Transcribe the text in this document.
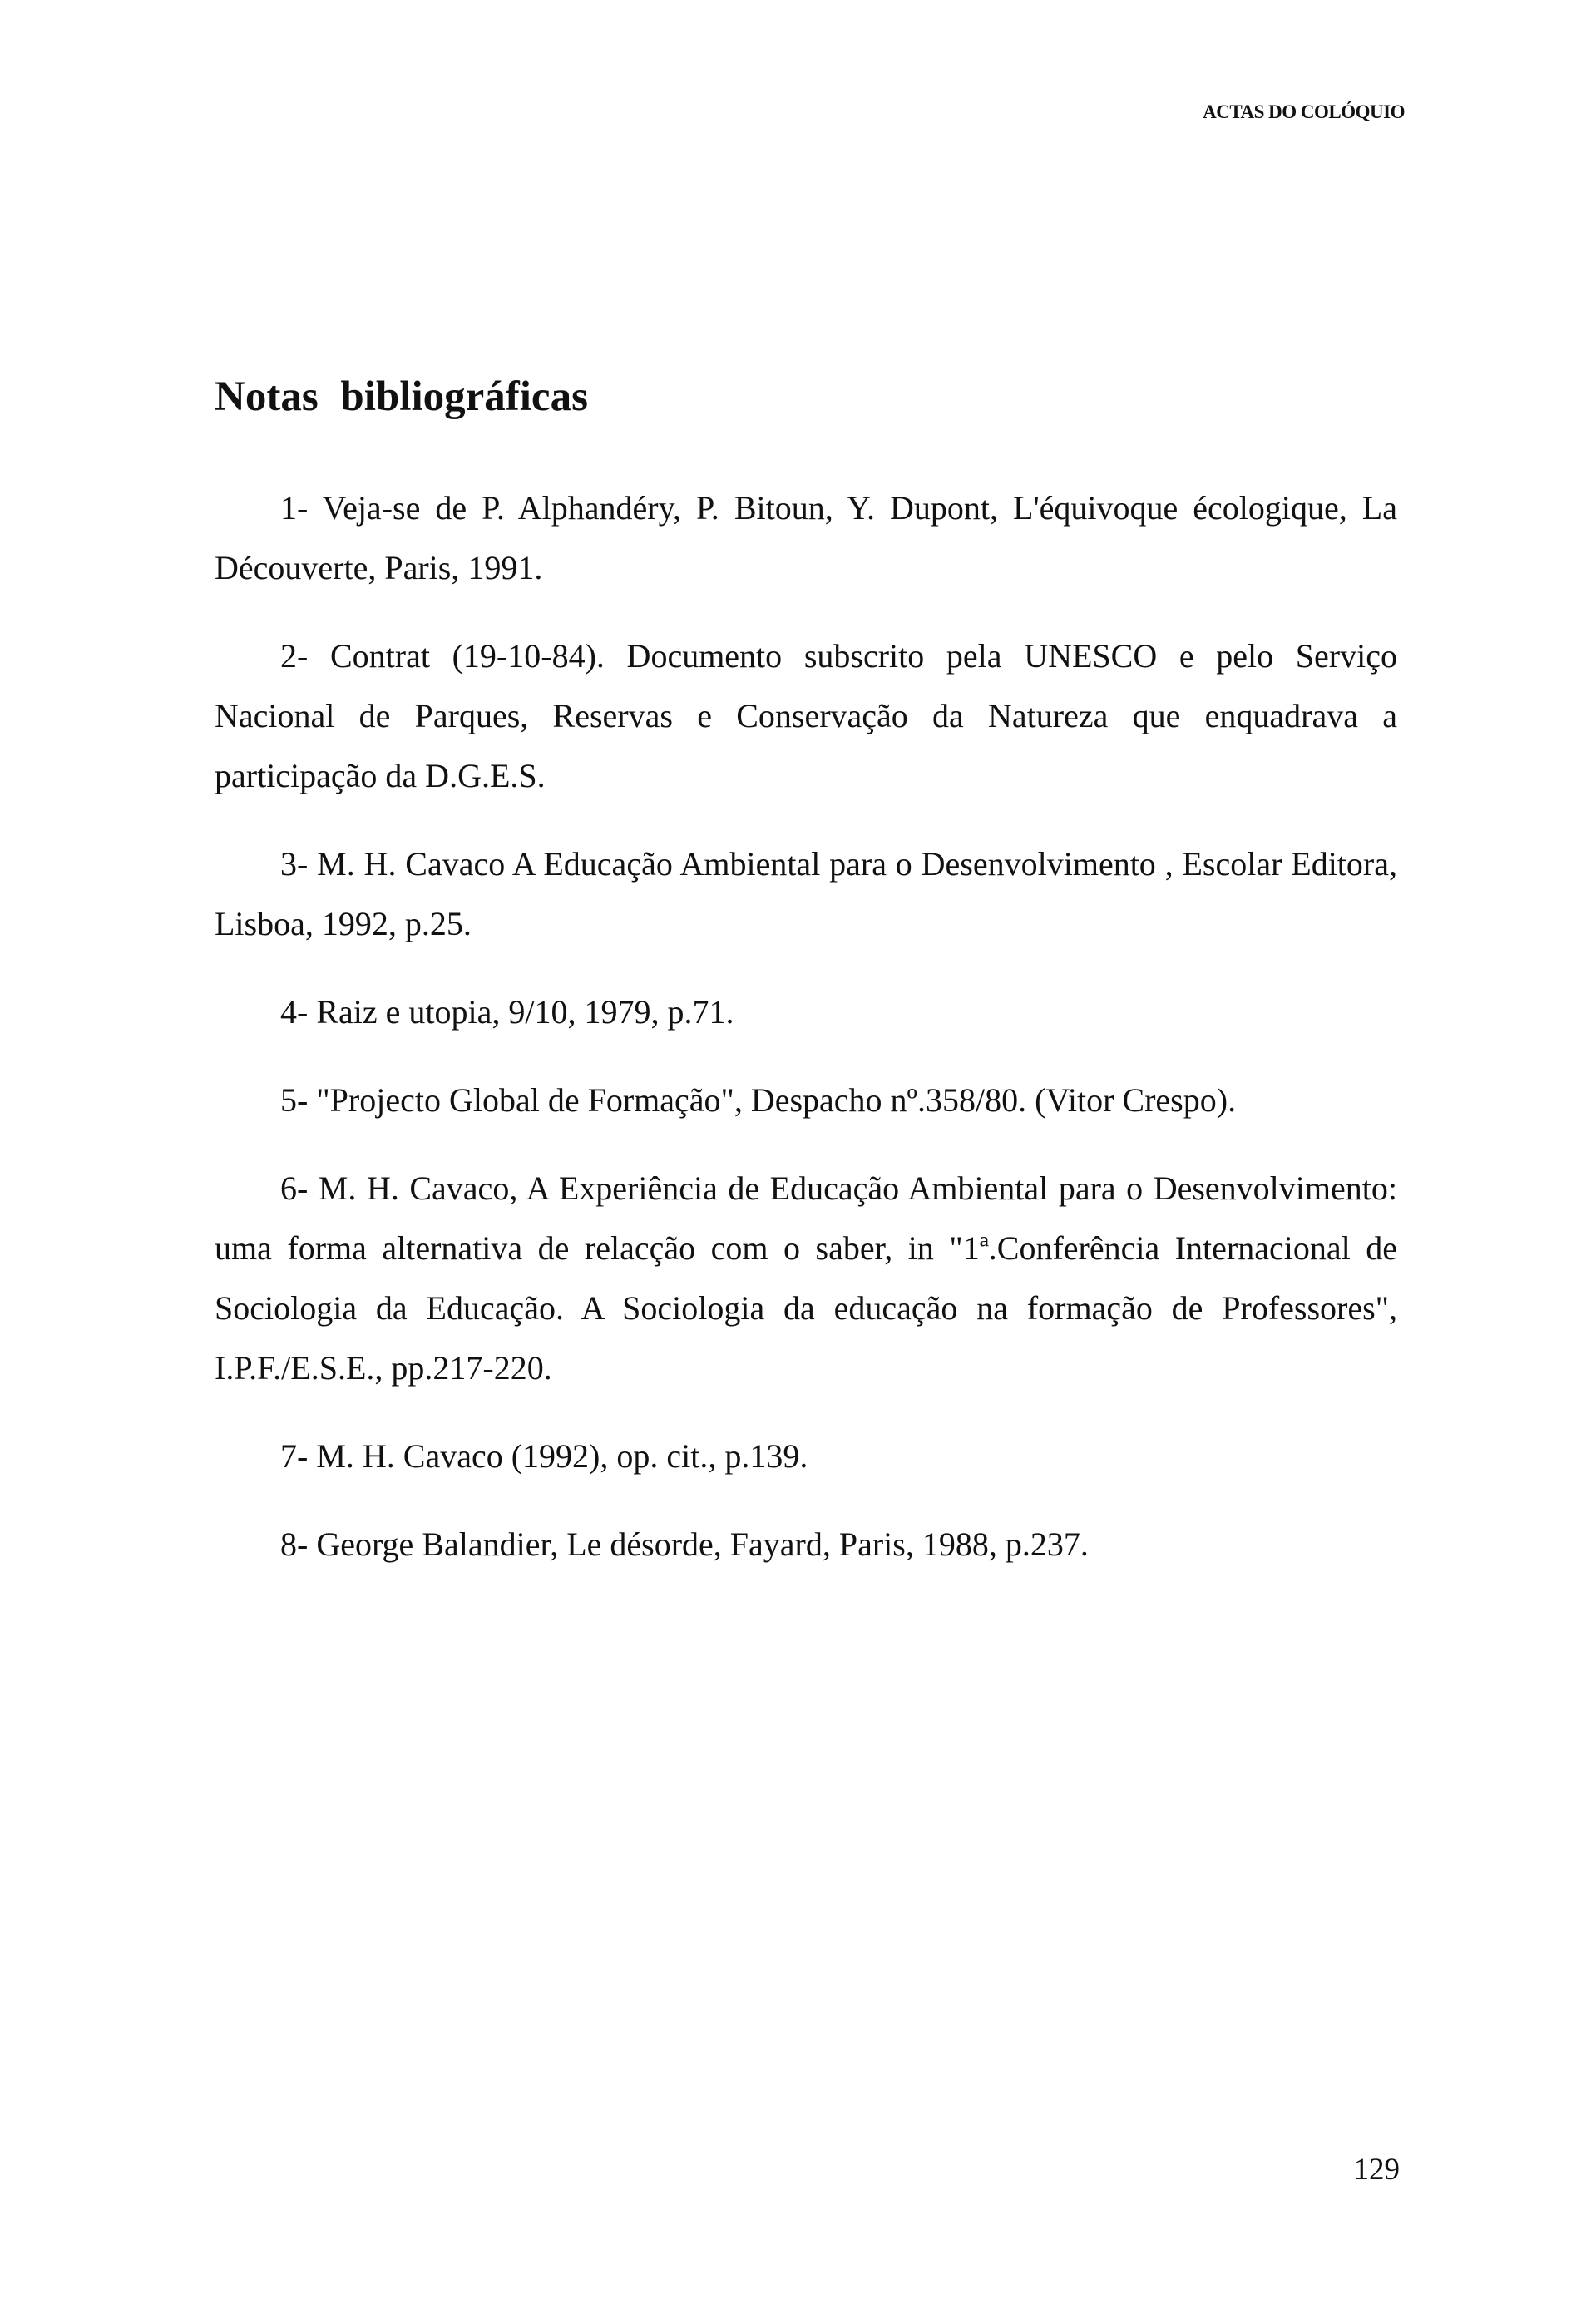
ACTAS DO COLÓQUIO
Notas bibliográficas
1- Veja-se de P. Alphandéry, P. Bitoun, Y. Dupont, L'équivoque écologique, La Découverte, Paris, 1991.
2- Contrat (19-10-84). Documento subscrito pela UNESCO e pelo Serviço Nacional de Parques, Reservas e Conservação da Natureza que enquadrava a participação da D.G.E.S.
3- M. H. Cavaco A Educação Ambiental para o Desenvolvimento , Escolar Editora, Lisboa, 1992, p.25.
4- Raiz e utopia, 9/10, 1979, p.71.
5- "Projecto Global de Formação", Despacho nº.358/80. (Vitor Crespo).
6- M. H. Cavaco, A Experiência de Educação Ambiental para o Desenvolvimento: uma forma alternativa de relacção com o saber, in "1ª.Conferência Internacional de Sociologia da Educação. A Sociologia da educação na formação de Professores", I.P.F./E.S.E., pp.217-220.
7- M. H. Cavaco (1992), op. cit., p.139.
8- George Balandier, Le désorde, Fayard, Paris, 1988, p.237.
129
